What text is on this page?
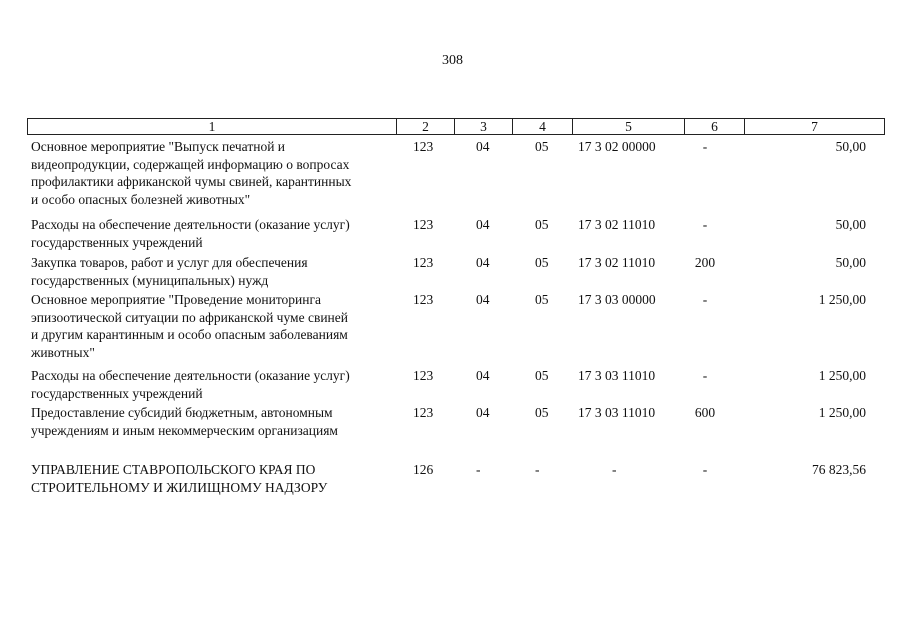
308
1	2	3	4	5	6	7
Основное мероприятие "Выпуск печатной и
видеопродукции, содержащей информацию о вопросах
профилактики африканской чумы свиней, карантинных
и особо опасных болезней животных"
123	04	05	17 3 02 00000	-	50,00
Расходы на обеспечение деятельности (оказание услуг)
государственных учреждений
123	04	05	17 3 02 11010	-	50,00
Закупка товаров, работ и услуг для обеспечения
государственных (муниципальных) нужд
123	04	05	17 3 02 11010	200	50,00
Основное мероприятие "Проведение мониторинга
эпизоотической ситуации по африканской чуме свиней
и другим карантинным и особо опасным заболеваниям
животных"
123	04	05	17 3 03 00000	-	1 250,00
Расходы на обеспечение деятельности (оказание услуг)
государственных учреждений
123	04	05	17 3 03 11010	-	1 250,00
Предоставление субсидий бюджетным, автономным
учреждениям и иным некоммерческим организациям
123	04	05	17 3 03 11010	600	1 250,00
УПРАВЛЕНИЕ СТАВРОПОЛЬСКОГО КРАЯ ПО
СТРОИТЕЛЬНОМУ И ЖИЛИЩНОМУ НАДЗОРУ
126	-	-	-	-	76 823,56
